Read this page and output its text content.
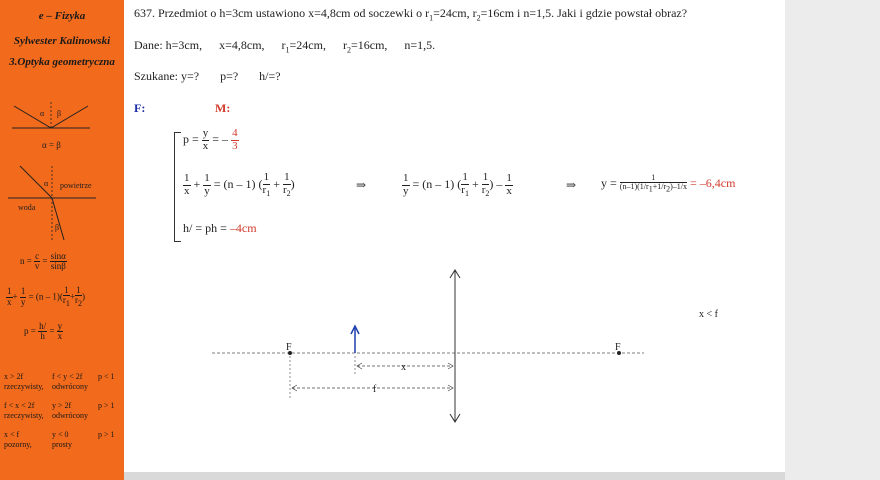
e – Fizyka
Sylwester Kalinowski
3.Optyka geometryczna
α β
α = β
α
β
powietrze
woda
$n = \frac{c}{v} = \frac{\sin\alpha}{\sin\beta}$
$\frac{1}{x} + \frac{1}{y} = (n - 1)( \frac{1}{r1} + \frac{1}{r2}$ )
$p = \frac{h/}{h} = \frac{y}{x}$
x > 2f	f < y < 2f p < 1
rzeczywisty, odwrócony
f < x < 2f y > 2f	p > 1
rzeczywisty, odwrócony
x < f	y < 0	p > 1
pozorny,	prosty
637. Przedmiot o h=3cm ustawiono x=4,8cm od soczewki o $r_1=24cm$, $r_2=16cm$ i n=1,5. Jaki i gdzie powstał obraz?
Dane: h=3cm, x=4,8cm, $r_1=24cm$, $r_2=16cm$, n=1,5.
Szukane: y=?       p=?       h/=?
F:	M:
$p = \frac{y}{x}$ = – $\frac{4}{3}$
$\frac{1}{x} + \frac{1}{y} = (n - 1)$ ( $\frac{1}{r_1} + \frac{1}{r_2}$ )	⇒	$\frac{1}{y} = (n - 1)$ ( $\frac{1}{r_1} + \frac{1}{r_2}$ ) – $\frac{1}{x}$	⇒ $y = \frac{1}{(n-1)(1/r1+1/r2)-1/x} = -6,4cm$
h/ = ph = –4cm
F	F
x
f
x < f
